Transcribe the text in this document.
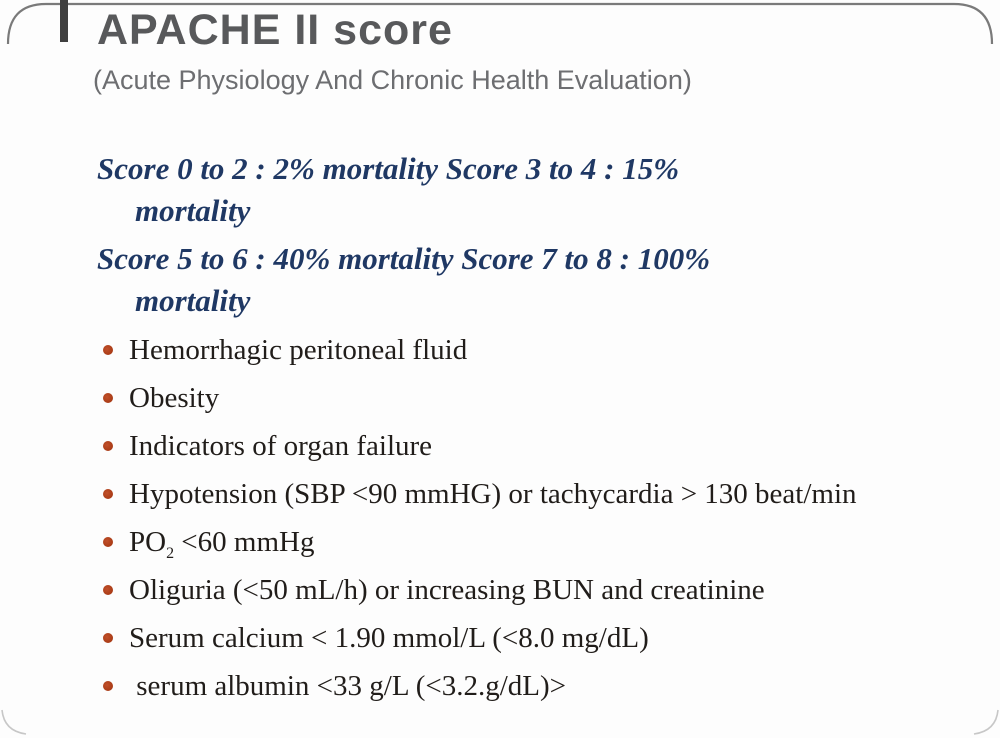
APACHE II score
(Acute Physiology And Chronic Health Evaluation)

Score 0 to 2 : 2% mortality Score 3 to 4 : 15%
mortality

Score 5 to 6 : 40% mortality Score 7 to 8 : 100%
mortality

Hemorrhagic peritoneal fluid
Obesity
Indicators of organ failure
Hypotension (SBP <90 mmHG) or tachycardia > 130 beat/min
$PO_2 <60$ mmHg
Oliguria (<50 mL/h) or increasing BUN and creatinine
Serum calcium < 1.90 mmol/L (<8.0 mg/dL)
serum albumin <33 g/L (<3.2.g/dL)>
